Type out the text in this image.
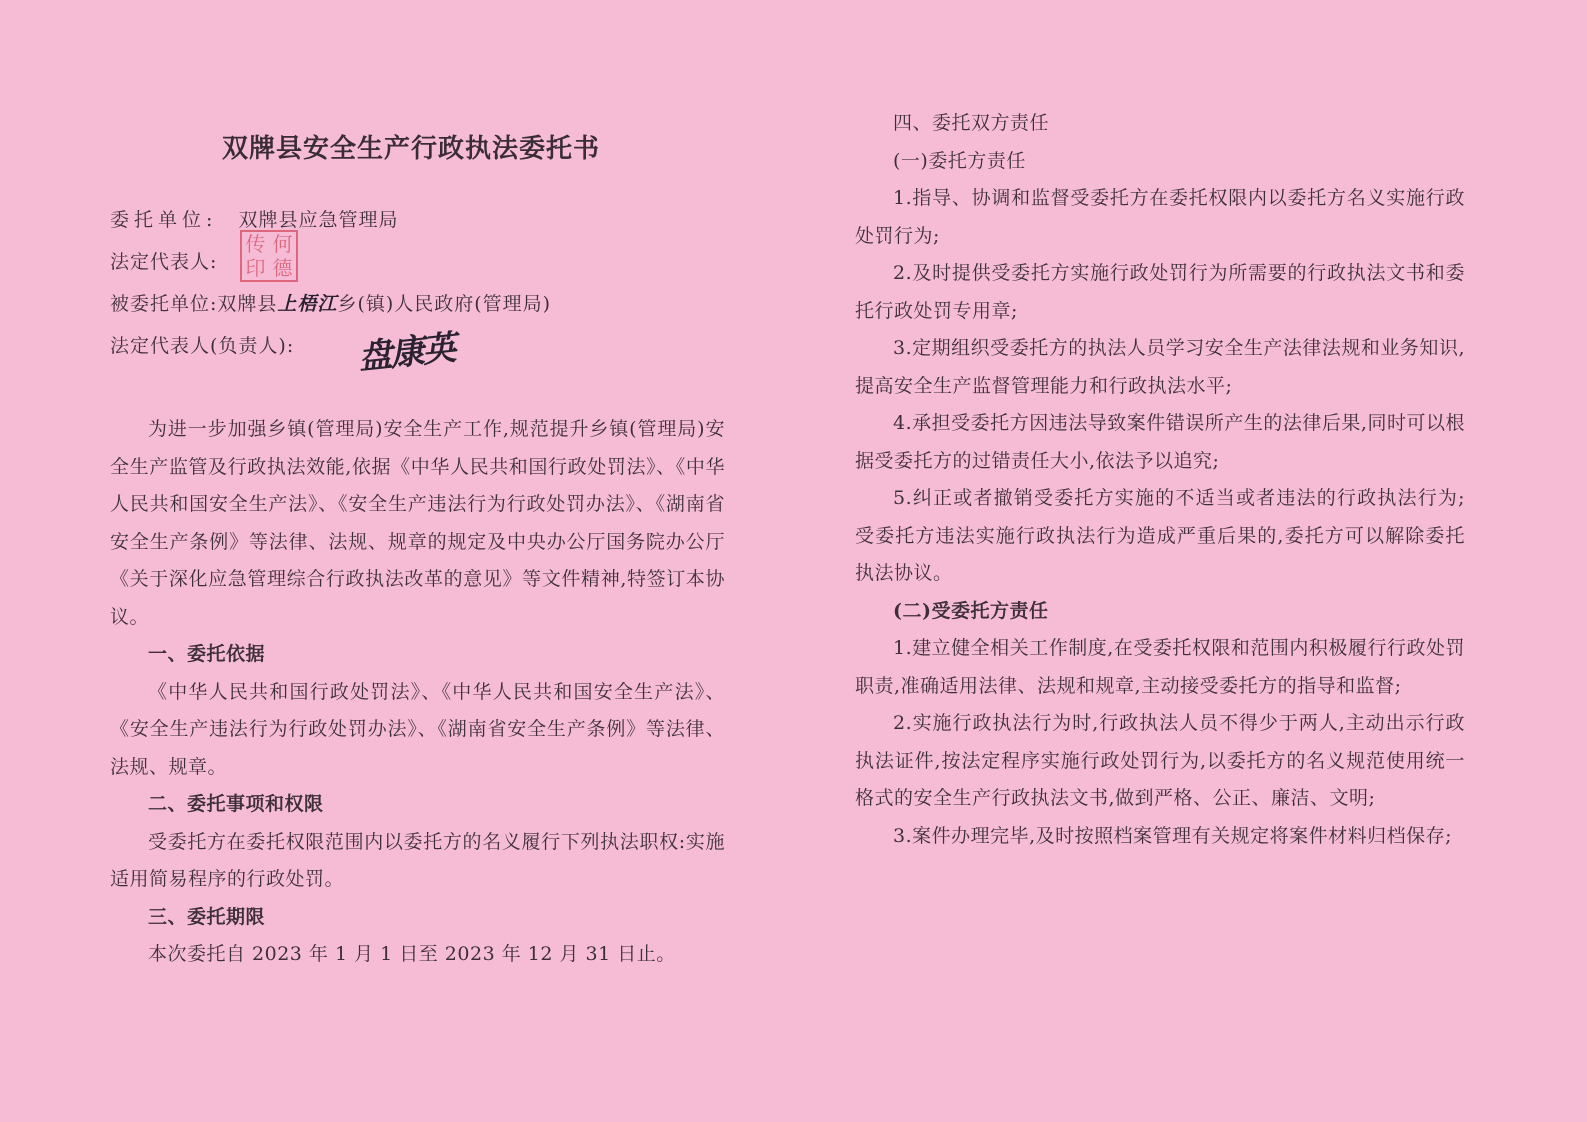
双牌县安全生产行政执法委托书
委托单位: 双牌县应急管理局
法定代表人:
传 何
印 德
被委托单位:双牌县上梧江乡(镇)人民政府(管理局)
法定代表人(负责人): 盘康英

为进一步加强乡镇(管理局)安全生产工作,规范提升乡镇(管理局)安全生产监管及行政执法效能,依据《中华人民共和国行政处罚法》、《中华人民共和国安全生产法》、《安全生产违法行为行政处罚办法》、《湖南省安全生产条例》等法律、法规、规章的规定及中央办公厅国务院办公厅《关于深化应急管理综合行政执法改革的意见》等文件精神,特签订本协议。

一、委托依据

《中华人民共和国行政处罚法》、《中华人民共和国安全生产法》、《安全生产违法行为行政处罚办法》、《湖南省安全生产条例》等法律、法规、规章。

二、委托事项和权限

受委托方在委托权限范围内以委托方的名义履行下列执法职权:实施适用简易程序的行政处罚。

三、委托期限

本次委托自 2023 年 1 月 1 日至 2023 年 12 月 31 日止。

四、委托双方责任

(一)委托方责任

1.指导、协调和监督受委托方在委托权限内以委托方名义实施行政处罚行为;

2.及时提供受委托方实施行政处罚行为所需要的行政执法文书和委托行政处罚专用章;

3.定期组织受委托方的执法人员学习安全生产法律法规和业务知识,提高安全生产监督管理能力和行政执法水平;

4.承担受委托方因违法导致案件错误所产生的法律后果,同时可以根据受委托方的过错责任大小,依法予以追究;

5.纠正或者撤销受委托方实施的不适当或者违法的行政执法行为;受委托方违法实施行政执法行为造成严重后果的,委托方可以解除委托执法协议。

(二)受委托方责任

1.建立健全相关工作制度,在受委托权限和范围内积极履行行政处罚职责,准确适用法律、法规和规章,主动接受委托方的指导和监督;

2.实施行政执法行为时,行政执法人员不得少于两人,主动出示行政执法证件,按法定程序实施行政处罚行为,以委托方的名义规范使用统一格式的安全生产行政执法文书,做到严格、公正、廉洁、文明;

3.案件办理完毕,及时按照档案管理有关规定将案件材料归档保存;
